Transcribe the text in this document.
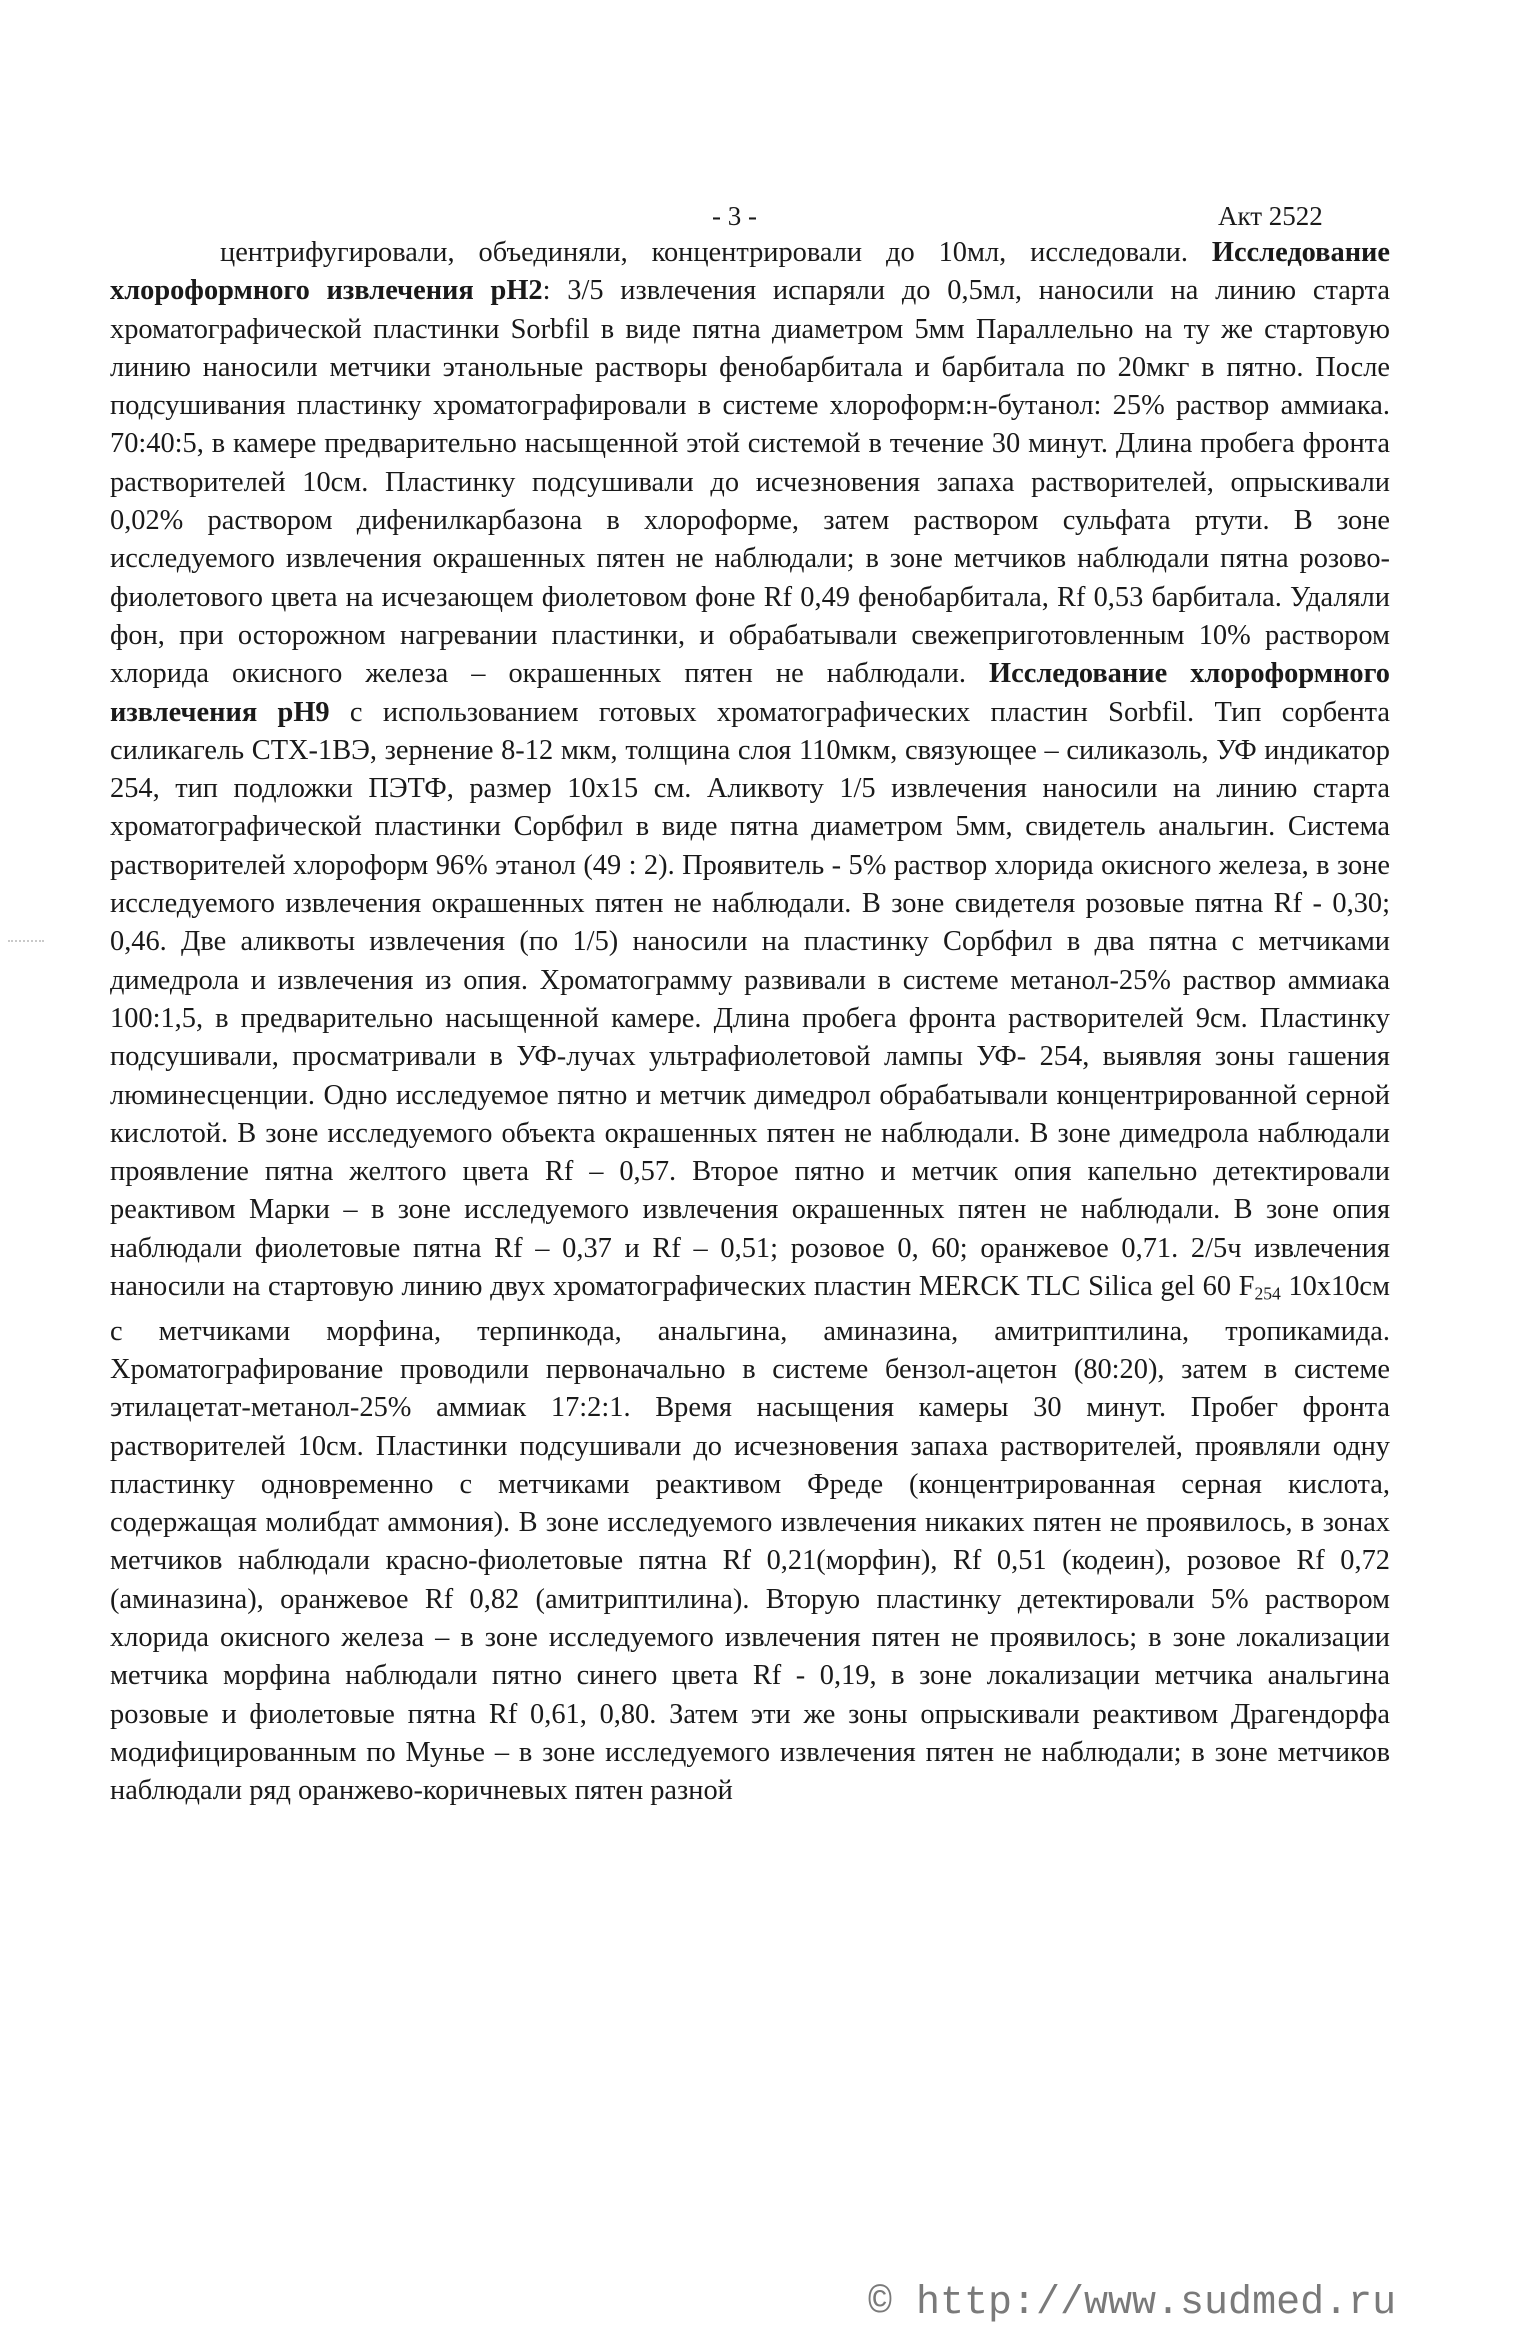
- 3 -	Акт 2522

центрифугировали, объединяли, концентрировали до 10мл, исследовали. Исследование хлороформного извлечения рН2: 3/5 извлечения испаряли до 0,5мл, наносили на линию старта хроматографической пластинки Sorbfil в виде пятна диаметром 5мм Параллельно на ту же стартовую линию наносили метчики этанольные растворы фенобарбитала и барбитала по 20мкг в пятно. После подсушивания пластинку хроматографировали в системе хлороформ:н-бутанол: 25% раствор аммиака. 70:40:5, в камере предварительно насыщенной этой системой в течение 30 минут. Длина пробега фронта растворителей 10см. Пластинку подсушивали до исчезновения запаха растворителей, опрыскивали 0,02% раствором дифенилкарбазона в хлороформе, затем раствором сульфата ртути. В зоне исследуемого извлечения окрашенных пятен не наблюдали; в зоне метчиков наблюдали пятна розово-фиолетового цвета на исчезающем фиолетовом фоне Rf 0,49 фенобарбитала, Rf 0,53 барбитала. Удаляли фон, при осторожном нагревании пластинки, и обрабатывали свежеприготовленным 10% раствором хлорида окисного железа – окрашенных пятен не наблюдали. Исследование хлороформного извлечения рН9 с использованием готовых хроматографических пластин Sorbfil. Тип сорбента силикагель СТХ-1ВЭ, зернение 8-12 мкм, толщина слоя 110мкм, связующее – силиказоль, УФ индикатор 254, тип подложки ПЭТФ, размер 10x15 см. Аликвоту 1/5 извлечения наносили на линию старта хроматографической пластинки Сорбфил в виде пятна диаметром 5мм, свидетель анальгин. Система растворителей хлороформ 96% этанол (49 : 2). Проявитель - 5% раствор хлорида окисного железа, в зоне исследуемого извлечения окрашенных пятен не наблюдали. В зоне свидетеля розовые пятна Rf - 0,30; 0,46. Две аликвоты извлечения (по 1/5) наносили на пластинку Сорбфил в два пятна с метчиками димедрола и извлечения из опия. Хроматограмму развивали в системе метанол-25% раствор аммиака 100:1,5, в предварительно насыщенной камере. Длина пробега фронта растворителей 9см. Пластинку подсушивали, просматривали в УФ-лучах ультрафиолетовой лампы УФ- 254, выявляя зоны гашения люминесценции. Одно исследуемое пятно и метчик димедрол обрабатывали концентрированной серной кислотой. В зоне исследуемого объекта окрашенных пятен не наблюдали. В зоне димедрола наблюдали проявление пятна желтого цвета Rf – 0,57. Второе пятно и метчик опия капельно детектировали реактивом Марки – в зоне исследуемого извлечения окрашенных пятен не наблюдали. В зоне опия наблюдали фиолетовые пятна Rf – 0,37 и Rf – 0,51; розовое 0, 60; оранжевое 0,71. 2/5ч извлечения наносили на стартовую линию двух хроматографических пластин MERCK TLC Silica gel 60 $F_{254}$ 10x10см с метчиками морфина, терпинкода, анальгина, аминазина, амитриптилина, тропикамида. Хроматографирование проводили первоначально в системе бензол-ацетон (80:20), затем в системе этилацетат-метанол-25% аммиак 17:2:1. Время насыщения камеры 30 минут. Пробег фронта растворителей 10см. Пластинки подсушивали до исчезновения запаха растворителей, проявляли одну пластинку одновременно с метчиками реактивом Фреде (концентрированная серная кислота, содержащая молибдат аммония). В зоне исследуемого извлечения никаких пятен не проявилось, в зонах метчиков наблюдали красно-фиолетовые пятна Rf 0,21(морфин), Rf 0,51 (кодеин), розовое Rf 0,72 (аминазина), оранжевое Rf 0,82 (амитриптилина). Вторую пластинку детектировали 5% раствором хлорида окисного железа – в зоне исследуемого извлечения пятен не проявилось; в зоне локализации метчика морфина наблюдали пятно синего цвета Rf - 0,19, в зоне локализации метчика анальгина розовые и фиолетовые пятна Rf 0,61, 0,80. Затем эти же зоны опрыскивали реактивом Драгендорфа модифицированным по Мунье – в зоне исследуемого извлечения пятен не наблюдали; в зоне метчиков наблюдали ряд оранжево-коричневых пятен разной

© http://www.sudmed.ru
